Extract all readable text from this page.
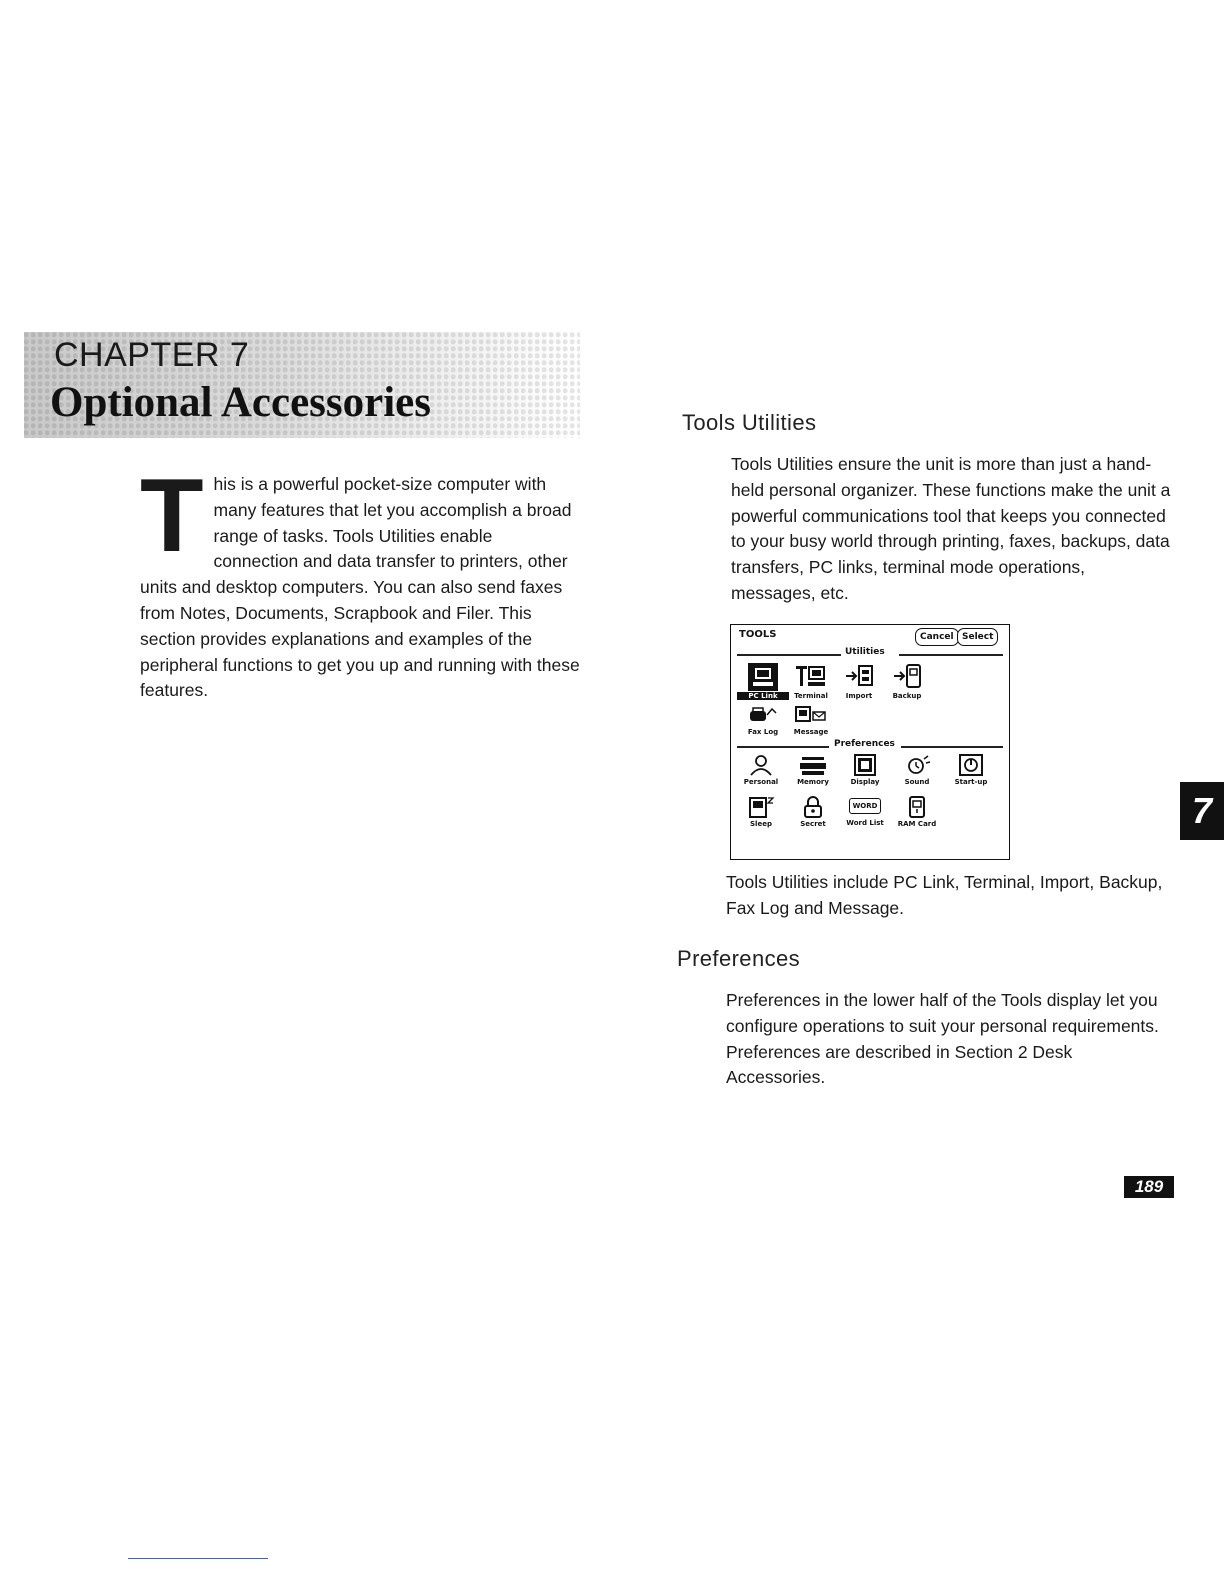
CHAPTER 7
Optional Accessories
This is a powerful pocket-size computer with many features that let you accomplish a broad range of tasks. Tools Utilities enable connection and data transfer to printers, other units and desktop computers. You can also send faxes from Notes, Documents, Scrapbook and Filer. This section provides explanations and examples of the peripheral functions to get you up and running with these features.
Tools Utilities
Tools Utilities ensure the unit is more than just a hand-held personal organizer. These functions make the unit a powerful communications tool that keeps you connected to your busy world through printing, faxes, backups, data transfers, PC links, terminal mode operations, messages, etc.
TOOLS	Cancel Select
Utilities
PC Link	Terminal	Import	Backup
Fax Log	Message
Preferences
Personal	Memory	Display	Sound	Start-up
Sleep	Secret
WORD
Word List	RAM Card
Tools Utilities include PC Link, Terminal, Import, Backup, Fax Log and Message.
Preferences
Preferences in the lower half of the Tools display let you configure operations to suit your personal requirements. Preferences are described in Section 2 Desk Accessories.
7
189
